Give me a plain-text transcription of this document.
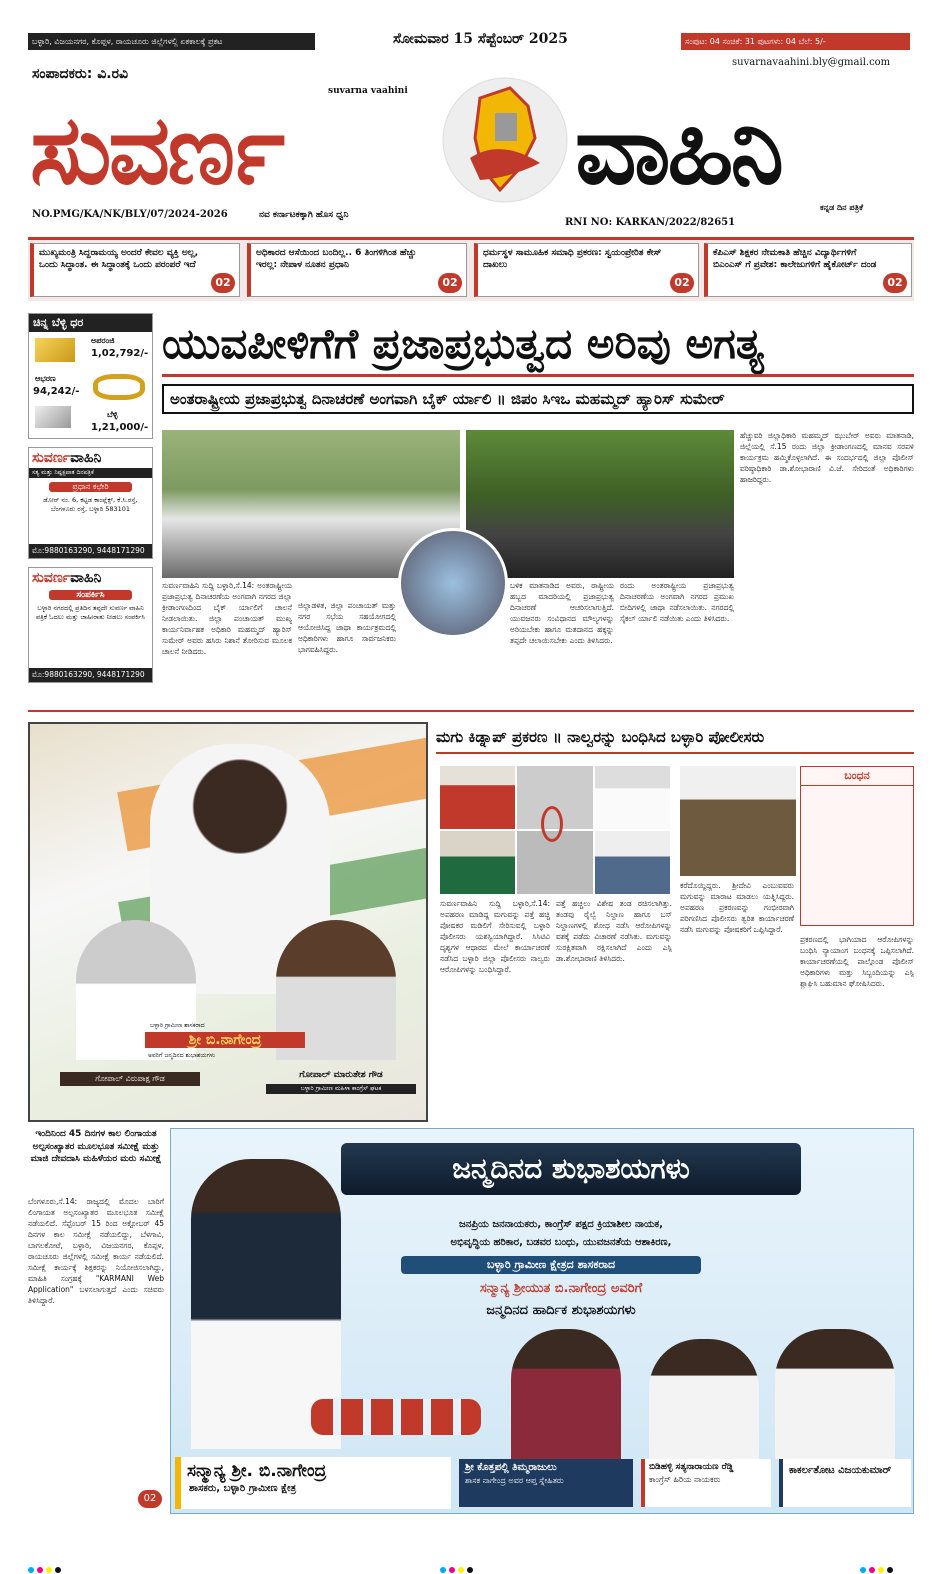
ಬಳ್ಳಾರಿ, ವಿಜಯನಗರ, ಕೊಪ್ಪಳ, ರಾಯಚೂರು ಜಿಲ್ಲೆಗಳಲ್ಲಿ ಏಕಕಾಲಕ್ಕೆ ಪ್ರಕಟ	ಸೋಮವಾರ 15 ಸೆಪ್ಟೆಂಬರ್ 2025	ಸಂಪುಟ: 04 ಸಂಚಿಕೆ: 31 ಪುಟಗಳು: 04 ಬೆಲೆ: 5/-
suvarnavaahini.bly@gmail.com
ಸಂಪಾದಕರು: ವಿ.ರವಿ
suvarna vaahini
ಸುವರ್ಣ	ವಾಹಿನಿ
NO.PMG/KA/NK/BLY/07/2024-2026	ನವ ಕರ್ನಾಟಕಕ್ಕಾಗಿ ಹೊಸ ಧ್ವನಿ
RNI NO: KARKAN/2022/82651
ಕನ್ನಡ ದಿನ ಪತ್ರಿಕೆ
ಮುಖ್ಯಮಂತ್ರಿ ಸಿದ್ದರಾಮಯ್ಯ ಅಂದರೆ ಕೇವಲ ವ್ಯಕ್ತಿ ಅಲ್ಲ, ಒಂದು ಸಿದ್ಧಾಂತ. ಈ ಸಿದ್ಧಾಂತಕ್ಕೆ ಒಂದು ಪರಂಪರೆ ಇದೆ
02
ಅಧಿಕಾರದ ಆಸೆಯಿಂದ ಬಂದಿಲ್ಲ.. 6 ತಿಂಗಳಿಗಿಂತ ಹೆಚ್ಚು ಇರಲ್ಲ: ನೇಪಾಳ ನೂತನ ಪ್ರಧಾನಿ
02
ಧರ್ಮಸ್ಥಳ ಸಾಮೂಹಿಕ ಸಮಾಧಿ ಪ್ರಕರಣ: ಸ್ವಯಂಪ್ರೇರಿತ ಕೇಸ್ ದಾಖಲು
02
ಕೆಪಿಎಸ್ ಶಿಕ್ಷಕರ ನೇಮಕಾತಿ ಹೆಚ್ಚಿನ ವಿದ್ಯಾರ್ಥಿಗಳಿಗೆ ಬಿಎಂಎಸ್ ಗೆ ಪ್ರವೇಶ: ಕಾಲೇಜುಗಳಿಗೆ ಹೈಕೋರ್ಟ್ ದಂಡ
02
ಚಿನ್ನ ಬೆಳ್ಳಿ ಧರ
ಅಪರಂಜಿ
1,02,792/-
ಆಭರಣ
94,242/-
ಬೆಳ್ಳಿ
1,21,000/-
ಸುವರ್ಣವಾಹಿನಿ
ಸತ್ಯ ಮತ್ತು ನಿಷ್ಪಕ್ಷಪಾತ ದಿನಪತ್ರಿಕೆ
ಪ್ರಧಾನ ಕಛೇರಿ
ಡೋರ್ ನಂ. 6, ಕಟ್ಟಡ ಕಾಂಪ್ಲೆಕ್ಸ್, ಕೆ.ಸಿ.ರಸ್ತೆ, ಬೆಂಗಳೂರು ರಸ್ತೆ, ಬಳ್ಳಾರಿ 583101
ಮೊ:9880163290, 9448171290
ಸುವರ್ಣವಾಹಿನಿ
ಸಂಪರ್ಕಿಸಿ
ಬಳ್ಳಾರಿ ನಗರದಲ್ಲಿ ಪ್ರತಿದಿನ ತಪ್ಪದೇ ಸುವರ್ಣ ವಾಹಿನಿ ಪತ್ರಿಕೆ ಓದಲು ಮತ್ತು ಜಾಹೀರಾತು ನೀಡಲು ಸಂಪರ್ಕಿಸಿ
ಮೊ:9880163290, 9448171290
ಯುವಪೀಳಿಗೆಗೆ ಪ್ರಜಾಪ್ರಭುತ್ವದ ಅರಿವು ಅಗತ್ಯ
ಅಂತರಾಷ್ಟ್ರೀಯ ಪ್ರಜಾಪ್ರಭುತ್ವ ದಿನಾಚರಣೆ ಅಂಗವಾಗಿ ಬೈಕ್ ರ್ಯಾಲಿ ॥ ಜಿಪಂ ಸಿಇಒ ಮಹಮ್ಮದ್ ಹ್ಯಾರಿಸ್ ಸುಮೇರ್
ಸುವರ್ಣವಾಹಿನಿ ಸುದ್ದಿ ಬಳ್ಳಾರಿ,ಸೆ.14: ಅಂತರಾಷ್ಟ್ರೀಯ ಪ್ರಜಾಪ್ರಭುತ್ವ ದಿನಾಚರಣೆಯ ಅಂಗವಾಗಿ ನಗರದ ಜಿಲ್ಲಾ ಕ್ರೀಡಾಂಗಣದಿಂದ ಬೈಕ್ ರ್ಯಾಲಿಗೆ ಚಾಲನೆ ನೀಡಲಾಯಿತು. ಜಿಲ್ಲಾ ಪಂಚಾಯತ್ ಮುಖ್ಯ ಕಾರ್ಯನಿರ್ವಾಹಕ ಅಧಿಕಾರಿ ಮಹಮ್ಮದ್ ಹ್ಯಾರಿಸ್ ಸುಮೇರ್ ಅವರು ಹಸಿರು ನಿಶಾನೆ ತೋರಿಸುವ ಮೂಲಕ ಚಾಲನೆ ನೀಡಿದರು.
ಜಿಲ್ಲಾಡಳಿತ, ಜಿಲ್ಲಾ ಪಂಚಾಯತ್ ಮತ್ತು ನಗರ ಸಭೆಯ ಸಹಯೋಗದಲ್ಲಿ ಆಯೋಜಿಸಿದ್ದ ಜಾಥಾ ಕಾರ್ಯಕ್ರಮದಲ್ಲಿ ಅಧಿಕಾರಿಗಳು ಹಾಗೂ ಸಾರ್ವಜನಿಕರು ಭಾಗವಹಿಸಿದ್ದರು.
ಬಳಿಕ ಮಾತನಾಡಿದ ಅವರು, ರಾಷ್ಟ್ರೀಯ ಹಬ್ಬದ ಮಾದರಿಯಲ್ಲಿ ಪ್ರಜಾಪ್ರಭುತ್ವ ದಿನಾಚರಣೆ ಆಚರಿಸಲಾಗುತ್ತಿದೆ. ಯುವಜನರು ಸಂವಿಧಾನದ ಮೌಲ್ಯಗಳನ್ನು ಅರಿಯಬೇಕು ಹಾಗೂ ಮತದಾನದ ಹಕ್ಕನ್ನು ತಪ್ಪದೇ ಚಲಾಯಿಸಬೇಕು ಎಂದು ತಿಳಿಸಿದರು.
ರಂದು ಅಂತರಾಷ್ಟ್ರೀಯ ಪ್ರಜಾಪ್ರಭುತ್ವ ದಿನಾಚರಣೆಯ ಅಂಗವಾಗಿ ನಗರದ ಪ್ರಮುಖ ಬೀದಿಗಳಲ್ಲಿ ಜಾಥಾ ನಡೆಸಲಾಯಿತು. ನಗರದಲ್ಲಿ ಸೈಕಲ್ ರ್ಯಾಲಿ ನಡೆಯಿತು ಎಂದು ತಿಳಿಸಿದರು.
ಹೆಚ್ಚುವರಿ ಜಿಲ್ಲಾಧಿಕಾರಿ ಮಹಮ್ಮದ್ ಝುಬೇರ್ ಅವರು ಮಾತನಾಡಿ, ಜಿಲ್ಲೆಯಲ್ಲಿ ಸೆ.15 ರಂದು ಜಿಲ್ಲಾ ಕ್ರೀಡಾಂಗಣದಲ್ಲಿ ಮಾನವ ಸರಪಳಿ ಕಾರ್ಯಕ್ರಮ ಹಮ್ಮಿಕೊಳ್ಳಲಾಗಿದೆ. ಈ ಸಂದರ್ಭದಲ್ಲಿ ಜಿಲ್ಲಾ ಪೊಲೀಸ್ ವರಿಷ್ಠಾಧಿಕಾರಿ ಡಾ.ಶೋಭಾರಾಣಿ ವಿ.ಜೆ. ಸೇರಿದಂತೆ ಅಧಿಕಾರಿಗಳು ಹಾಜರಿದ್ದರು.
ಬಳ್ಳಾರಿ ಗ್ರಾಮೀಣ ಶಾಸಕರಾದ
ಶ್ರೀ ಬಿ.ನಾಗೇಂದ್ರ
ಅವರಿಗೆ ಜನ್ಮದಿನದ ಶುಭಾಶಯಗಳು
ಗೋಪಾಲ್ ವಿರುಪಾಕ್ಷ ಗೌಡ	ಗೋಪಾಲ್ ಮಾರುತೇಶ ಗೌಡ
ಬಳ್ಳಾರಿ ಗ್ರಾಮೀಣ ಮಹಿಳಾ ಕಾಂಗ್ರೆಸ್ ಘಟಕ
ಮಗು ಕಿಡ್ನಾಪ್ ಪ್ರಕರಣ ॥ ನಾಲ್ವರನ್ನು ಬಂಧಿಸಿದ ಬಳ್ಳಾರಿ ಪೋಲೀಸರು
ಬಂಧನ
ಸುವರ್ಣವಾಹಿನಿ ಸುದ್ದಿ ಬಳ್ಳಾರಿ,ಸೆ.14: ಅಪಹರಣ ಮಾಡಿದ್ದ ಮಗುವನ್ನು ಪತ್ತೆ ಹಚ್ಚಿ ಪೋಷಕರ ಮಡಿಲಿಗೆ ಸೇರಿಸುವಲ್ಲಿ ಬಳ್ಳಾರಿ ಪೊಲೀಸರು ಯಶಸ್ವಿಯಾಗಿದ್ದಾರೆ. ಸಿಸಿಟಿವಿ ದೃಶ್ಯಗಳ ಆಧಾರದ ಮೇಲೆ ಕಾರ್ಯಾಚರಣೆ ನಡೆಸಿದ ಬಳ್ಳಾರಿ ಜಿಲ್ಲಾ ಪೊಲೀಸರು ನಾಲ್ವರು ಆರೋಪಿಗಳನ್ನು ಬಂಧಿಸಿದ್ದಾರೆ.
ಪತ್ತೆ ಹಚ್ಚಲು ವಿಶೇಷ ತಂಡ ರಚಿಸಲಾಗಿತ್ತು. ತಂಡವು ರೈಲ್ವೆ ನಿಲ್ದಾಣ ಹಾಗೂ ಬಸ್ ನಿಲ್ದಾಣಗಳಲ್ಲಿ ಶೋಧ ನಡೆಸಿ ಆರೋಪಿಗಳನ್ನು ವಶಕ್ಕೆ ಪಡೆದು ವಿಚಾರಣೆ ನಡೆಸಿತು. ಮಗುವನ್ನು ಸುರಕ್ಷಿತವಾಗಿ ರಕ್ಷಿಸಲಾಗಿದೆ ಎಂದು ಎಸ್ಪಿ ಡಾ.ಶೋಭಾರಾಣಿ ತಿಳಿಸಿದರು.
ಕರೆದೊಯ್ದಿದ್ದರು. ಶ್ರೀದೇವಿ ಎಂಬುವವರು ಮಗುವನ್ನು ಮಾರಾಟ ಮಾಡಲು ಯತ್ನಿಸಿದ್ದರು. ಅಪಹರಣ ಪ್ರಕರಣವನ್ನು ಗಂಭೀರವಾಗಿ ಪರಿಗಣಿಸಿದ ಪೊಲೀಸರು ತ್ವರಿತ ಕಾರ್ಯಾಚರಣೆ ನಡೆಸಿ ಮಗುವನ್ನು ಪೋಷಕರಿಗೆ ಒಪ್ಪಿಸಿದ್ದಾರೆ.
ಪ್ರಕರಣದಲ್ಲಿ ಭಾಗಿಯಾದ ಆರೋಪಿಗಳನ್ನು ಬಂಧಿಸಿ ನ್ಯಾಯಾಂಗ ಬಂಧನಕ್ಕೆ ಒಪ್ಪಿಸಲಾಗಿದೆ. ಕಾರ್ಯಾಚರಣೆಯಲ್ಲಿ ಪಾಲ್ಗೊಂಡ ಪೊಲೀಸ್ ಅಧಿಕಾರಿಗಳು ಮತ್ತು ಸಿಬ್ಬಂದಿಯನ್ನು ಎಸ್ಪಿ ಶ್ಲಾಘಿಸಿ ಬಹುಮಾನ ಘೋಷಿಸಿದರು.
ಇಂದಿನಿಂದ 45 ದಿನಗಳ ಕಾಲ ಲಿಂಗಾಯತ ಅಲ್ಪಸಂಖ್ಯಾತರ ಮೂಲಭೂತ ಸಮೀಕ್ಷೆ ಮತ್ತು ಮಾಜಿ ದೇವದಾಸಿ ಮಹಿಳೆಯರ ಮರು ಸಮೀಕ್ಷೆ
ಬೆಂಗಳೂರು,ಸೆ.14: ರಾಜ್ಯದಲ್ಲಿ ಮೊದಲ ಬಾರಿಗೆ ಲಿಂಗಾಯತ ಅಲ್ಪಸಂಖ್ಯಾತರ ಮೂಲಭೂತ ಸಮೀಕ್ಷೆ ನಡೆಯಲಿದೆ. ಸೆಪ್ಟೆಂಬರ್ 15 ರಿಂದ ಅಕ್ಟೋಬರ್ 45 ದಿನಗಳ ಕಾಲ ಸಮೀಕ್ಷೆ ನಡೆಯಲಿದ್ದು, ಬೆಳಗಾವಿ, ಬಾಗಲಕೋಟೆ, ಬಳ್ಳಾರಿ, ವಿಜಯನಗರ, ಕೊಪ್ಪಳ, ರಾಯಚೂರು ಜಿಲ್ಲೆಗಳಲ್ಲಿ ಸಮೀಕ್ಷೆ ಕಾರ್ಯ ನಡೆಯಲಿದೆ. ಸಮೀಕ್ಷೆ ಕಾರ್ಯಕ್ಕೆ ಶಿಕ್ಷಕರನ್ನು ನಿಯೋಜಿಸಲಾಗಿದ್ದು, ಮಾಹಿತಿ ಸಂಗ್ರಹಕ್ಕೆ "KARMANI Web Application" ಬಳಸಲಾಗುತ್ತದೆ ಎಂದು ಸಚಿವರು ತಿಳಿಸಿದ್ದಾರೆ.
02
ಜನ್ಮದಿನದ ಶುಭಾಶಯಗಳು
ಜನಪ್ರಿಯ ಜನನಾಯಕರು, ಕಾಂಗ್ರೆಸ್ ಪಕ್ಷದ ಕ್ರಿಯಾಶೀಲ ನಾಯಕ,
ಅಭಿವೃದ್ಧಿಯ ಹರಿಕಾರ, ಬಡವರ ಬಂಧು, ಯುವಜನತೆಯ ಆಶಾಕಿರಣ,
ಬಳ್ಳಾರಿ ಗ್ರಾಮೀಣ ಕ್ಷೇತ್ರದ ಶಾಸಕರಾದ
ಸನ್ಮಾನ್ಯ ಶ್ರೀಯುತ ಬಿ.ನಾಗೇಂದ್ರ ಅವರಿಗೆ
ಜನ್ಮದಿನದ ಹಾರ್ದಿಕ ಶುಭಾಶಯಗಳು
ಸನ್ಮಾನ್ಯ ಶ್ರೀ. ಬಿ.ನಾಗೇಂದ್ರ
ಶಾಸಕರು, ಬಳ್ಳಾರಿ ಗ್ರಾಮೀಣ ಕ್ಷೇತ್ರ
ಶ್ರೀ ಕೊತ್ತಪಲ್ಲಿ ತಿಮ್ಮರಾಜುಲು
ಶಾಸಕ ನಾಗೇಂದ್ರ ಅವರ ಆಪ್ತ ಸ್ನೇಹಿತರು
ಬಿಡಿಹಳ್ಳಿ ಸತ್ಯನಾರಾಯಣ ರೆಡ್ಡಿ
ಕಾಂಗ್ರೆಸ್ ಹಿರಿಯ ನಾಯಕರು
ಕಾಕರ್ಲತೋಟ ವಿಜಯಕುಮಾರ್
